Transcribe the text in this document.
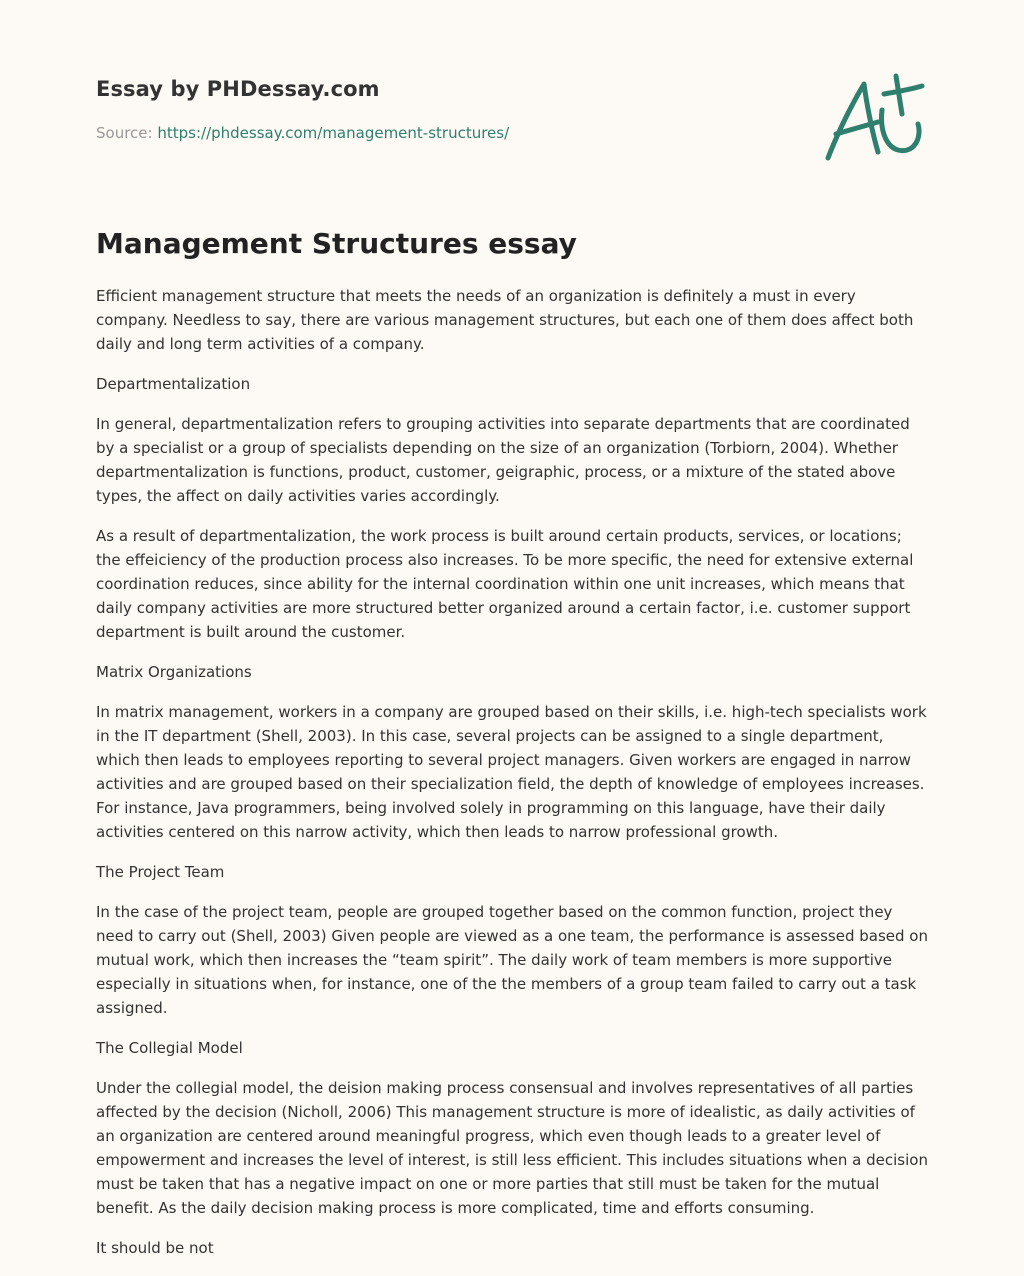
Essay by PHDessay.com

Source: https://phdessay.com/management-structures/

Management Structures essay

Efficient management structure that meets the needs of an organization is definitely a must in every company. Needless to say, there are various management structures, but each one of them does affect both daily and long term activities of a company.

Departmentalization

In general, departmentalization refers to grouping activities into separate departments that are coordinated by a specialist or a group of specialists depending on the size of an organization (Torbiorn, 2004). Whether departmentalization is functions, product, customer, geigraphic, process, or a mixture of the stated above types, the affect on daily activities varies accordingly.

As a result of departmentalization, the work process is built around certain products, services, or locations; the effeiciency of the production process also increases. To be more specific, the need for extensive external coordination reduces, since ability for the internal coordination within one unit increases, which means that daily company activities are more structured better organized around a certain factor, i.e. customer support department is built around the customer.

Matrix Organizations

In matrix management, workers in a company are grouped based on their skills, i.e. high-tech specialists work in the IT department (Shell, 2003). In this case, several projects can be assigned to a single department, which then leads to employees reporting to several project managers. Given workers are engaged in narrow activities and are grouped based on their specialization field, the depth of knowledge of employees increases. For instance, Java programmers, being involved solely in programming on this language, have their daily activities centered on this narrow activity, which then leads to narrow professional growth.

The Project Team

In the case of the project team, people are grouped together based on the common function, project they need to carry out (Shell, 2003) Given people are viewed as a one team, the performance is assessed based on mutual work, which then increases the “team spirit”. The daily work of team members is more supportive especially in situations when, for instance, one of the the members of a group team failed to carry out a task assigned.

The Collegial Model

Under the collegial model, the deision making process consensual and involves representatives of all parties affected by the decision (Nicholl, 2006) This management structure is more of idealistic, as daily activities of an organization are centered around meaningful progress, which even though leads to a greater level of empowerment and increases the level of interest, is still less efficient. This includes situations when a decision must be taken that has a negative impact on one or more parties that still must be taken for the mutual benefit. As the daily decision making process is more complicated, time and efforts consuming.

It should be not
